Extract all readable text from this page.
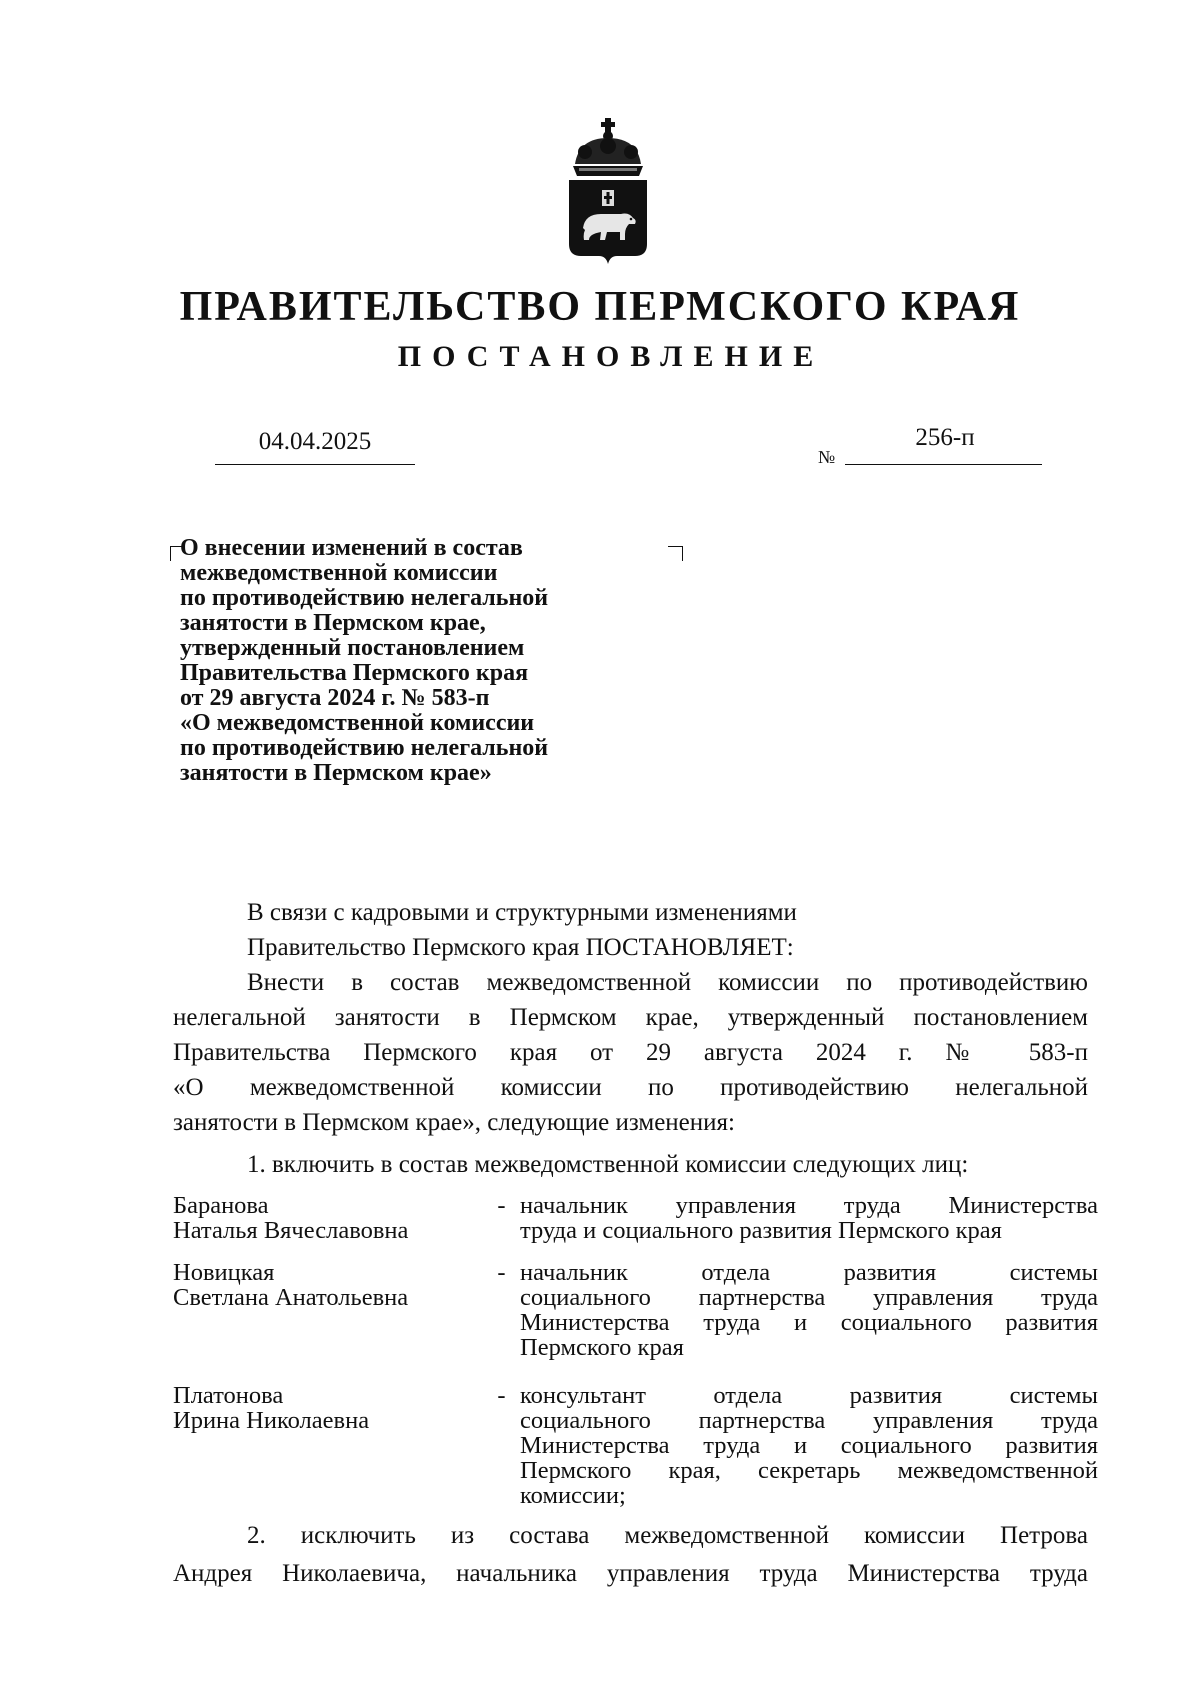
ПРАВИТЕЛЬСТВО ПЕРМСКОГО КРАЯ
ПОСТАНОВЛЕНИЕ
04.04.2025
№
256-п
О внесении изменений в состав
межведомственной комиссии
по противодействию нелегальной
занятости в Пермском крае,
утвержденный постановлением
Правительства Пермского края
от 29 августа 2024 г. № 583-п
«О межведомственной комиссии
по противодействию нелегальной
занятости в Пермском крае»
В связи с кадровыми и структурными изменениями
Правительство Пермского края ПОСТАНОВЛЯЕТ:
Внести в состав межведомственной комиссии по противодействию
нелегальной занятости в Пермском крае, утвержденный постановлением
Правительства Пермского края от 29 августа 2024 г. № 583-п
«О межведомственной комиссии по противодействию нелегальной
занятости в Пермском крае», следующие изменения:
1. включить в состав межведомственной комиссии следующих лиц:
Баранова
Наталья Вячеславовна
- начальник управления труда Министерства
труда и социального развития Пермского края
Новицкая
Светлана Анатольевна
- начальник отдела развития системы
социального партнерства управления труда
Министерства труда и социального развития
Пермского края
Платонова
Ирина Николаевна
- консультант отдела развития системы
социального партнерства управления труда
Министерства труда и социального развития
Пермского края, секретарь межведомственной
комиссии;
2. исключить из состава межведомственной комиссии Петрова
Андрея Николаевича, начальника управления труда Министерства труда
